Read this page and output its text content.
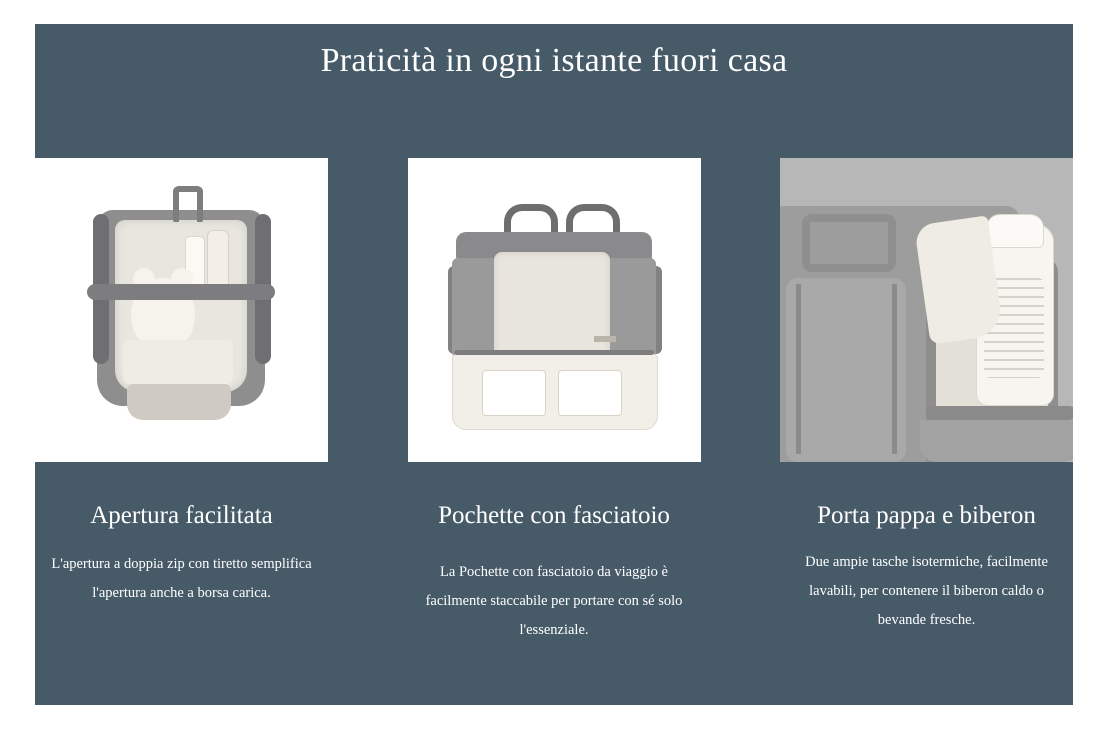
Praticità in ogni istante fuori casa
Apertura facilitata
L'apertura a doppia zip con tiretto semplifica l'apertura anche a borsa carica.
Pochette con fasciatoio
La Pochette con fasciatoio da viaggio è facilmente staccabile per portare con sé solo l'essenziale.
Porta pappa e biberon
Due ampie tasche isotermiche, facilmente lavabili, per contenere il biberon caldo o bevande fresche.
